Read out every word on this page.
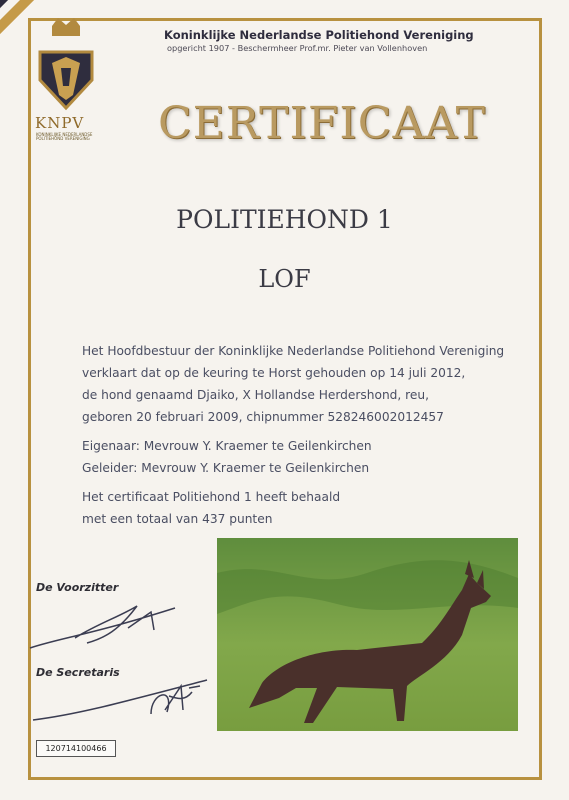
KNPV
KONINKLIJKE NEDERLANDSE POLITIEHOND VERENIGING
Koninklijke Nederlandse Politiehond Vereniging
opgericht 1907 - Beschermheer Prof.mr. Pieter van Vollenhoven
CERTIFICAAT
POLITIEHOND 1
LOF

Het Hoofdbestuur der Koninklijke Nederlandse Politiehond Vereniging

verklaart dat op de keuring te Horst gehouden op 14 juli 2012,

de hond genaamd Djaiko, X Hollandse Herdershond, reu,

geboren 20 februari 2009, chipnummer 528246002012457

Eigenaar: Mevrouw Y. Kraemer te Geilenkirchen

Geleider: Mevrouw Y. Kraemer te Geilenkirchen

Het certificaat Politiehond 1 heeft behaald

met een totaal van 437 punten

De Voorzitter
De Secretaris
120714100466
